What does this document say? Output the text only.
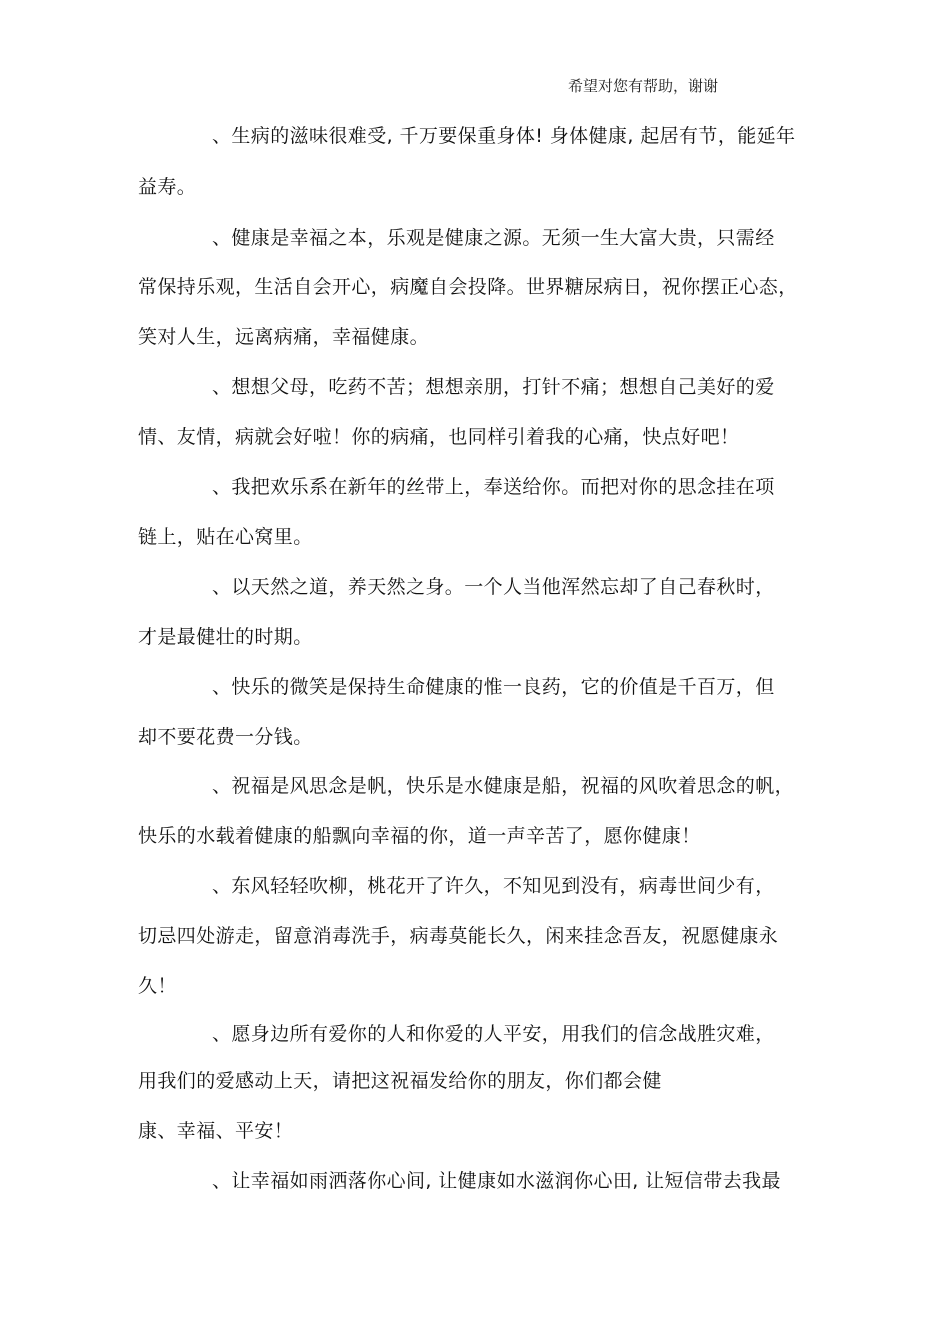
希望对您有帮助，谢谢
、生病的滋味很难受, 千万要保重身体! 身体健康, 起居有节，能延年
益寿。
、健康是幸福之本，乐观是健康之源。无须一生大富大贵，只需经
常保持乐观，生活自会开心，病魔自会投降。世界糖尿病日，祝你摆正心态，
笑对人生，远离病痛，幸福健康。
、想想父母，吃药不苦；想想亲朋，打针不痛；想想自己美好的爱
情、友情，病就会好啦！你的病痛，也同样引着我的心痛，快点好吧！
、我把欢乐系在新年的丝带上，奉送给你。而把对你的思念挂在项
链上，贴在心窝里。
、以天然之道，养天然之身。一个人当他浑然忘却了自己春秋时，
才是最健壮的时期。
、快乐的微笑是保持生命健康的惟一良药，它的价值是千百万，但
却不要花费一分钱。
、祝福是风思念是帆，快乐是水健康是船，祝福的风吹着思念的帆，
快乐的水载着健康的船飘向幸福的你，道一声辛苦了，愿你健康！
、东风轻轻吹柳，桃花开了许久，不知见到没有，病毒世间少有，
切忌四处游走，留意消毒洗手，病毒莫能长久，闲来挂念吾友，祝愿健康永
久！
、愿身边所有爱你的人和你爱的人平安，用我们的信念战胜灾难，
用我们的爱感动上天，请把这祝福发给你的朋友，你们都会健
康、幸福、平安！
、让幸福如雨洒落你心间, 让健康如水滋润你心田, 让短信带去我最
